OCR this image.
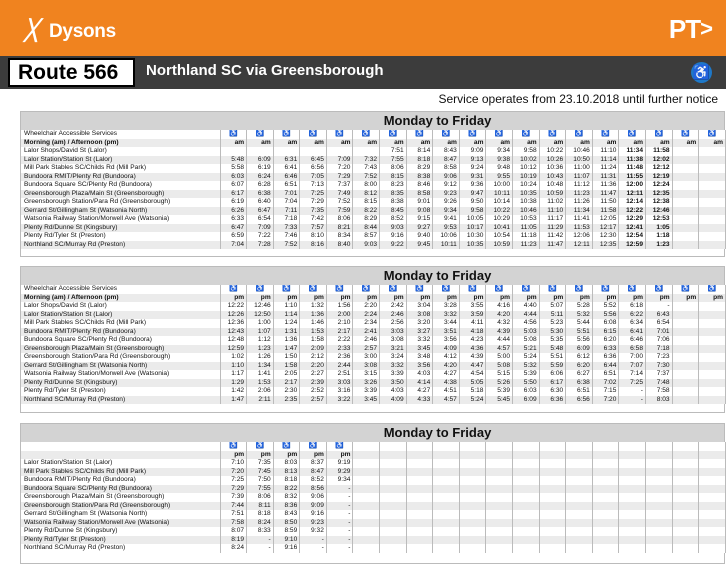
╳ Dysons	PT>
Route 566	Northland SC via Greensborough	♿
Service operates from 23.10.2018 until further notice
Monday to Friday
Wheelchair Accessible Services	♿	♿	♿	♿	♿	♿	♿	♿	♿	♿	♿	♿	♿	♿	♿	♿	♿	♿	♿
Morning (am) / Afternoon (pm)	am	am	am	am	am	am	am	am	am	am	am	am	am	am	am	am	am	am	am
Lalor Shops/David St (Lalor)							7:51	8:14	8:43	9:09	9:34	9:58	10:22	10:46	11:10	11:34	11:58		
Lalor Station/Station St (Lalor)	5:48	6:09	6:31	6:45	7:09	7:32	7:55	8:18	8:47	9:13	9:38	10:02	10:26	10:50	11:14	11:38	12:02		
Mill Park Stables SC/Childs Rd (Mill Park)	5:58	6:19	6:41	6:56	7:20	7:43	8:06	8:29	8:58	9:24	9:48	10:12	10:36	11:00	11:24	11:48	12:12		
Bundoora RMIT/Plenty Rd (Bundoora)	6:03	6:24	6:46	7:05	7:29	7:52	8:15	8:38	9:06	9:31	9:55	10:19	10:43	11:07	11:31	11:55	12:19		
Bundoora Square SC/Plenty Rd (Bundoora)	6:07	6:28	6:51	7:13	7:37	8:00	8:23	8:46	9:12	9:36	10:00	10:24	10:48	11:12	11:36	12:00	12:24		
Greensborough Plaza/Main St (Greensborough)	6:17	6:38	7:01	7:25	7:49	8:12	8:35	8:58	9:23	9:47	10:11	10:35	10:59	11:23	11:47	12:11	12:35		
Greensborough Station/Para Rd (Greensborough)	6:19	6:40	7:04	7:29	7:52	8:15	8:38	9:01	9:26	9:50	10:14	10:38	11:02	11:26	11:50	12:14	12:38		
Gerrard St/Gillingham St (Watsonia North)	6:26	6:47	7:11	7:35	7:59	8:22	8:45	9:08	9:34	9:58	10:22	10:46	11:10	11:34	11:58	12:22	12:46		
Watsonia Railway Station/Morwell Ave (Watsonia)	6:33	6:54	7:18	7:42	8:06	8:29	8:52	9:15	9:41	10:05	10:29	10:53	11:17	11:41	12:05	12:29	12:53		
Plenty Rd/Dunne St (Kingsbury)	6:47	7:09	7:33	7:57	8:21	8:44	9:03	9:27	9:53	10:17	10:41	11:05	11:29	11:53	12:17	12:41	1:05		
Plenty Rd/Tyler St (Preston)	6:59	7:22	7:46	8:10	8:34	8:57	9:16	9:40	10:06	10:30	10:54	11:18	11:42	12:06	12:30	12:54	1:18		
Northland SC/Murray Rd (Preston)	7:04	7:28	7:52	8:16	8:40	9:03	9:22	9:45	10:11	10:35	10:59	11:23	11:47	12:11	12:35	12:59	1:23		
Monday to Friday
Wheelchair Accessible Services	♿	♿	♿	♿	♿	♿	♿	♿	♿	♿	♿	♿	♿	♿	♿	♿	♿	♿	♿
Morning (am) / Afternoon (pm)	pm	pm	pm	pm	pm	pm	pm	pm	pm	pm	pm	pm	pm	pm	pm	pm	pm	pm	pm
Lalor Shops/David St (Lalor)	12:22	12:46	1:10	1:32	1:56	2:20	2:42	3:04	3:28	3:55	4:16	4:40	5:07	5:28	5:52	6:18	-		
Lalor Station/Station St (Lalor)	12:26	12:50	1:14	1:36	2:00	2:24	2:46	3:08	3:32	3:59	4:20	4:44	5:11	5:32	5:56	6:22	6:43		
Mill Park Stables SC/Childs Rd (Mill Park)	12:36	1:00	1:24	1:46	2:10	2:34	2:56	3:20	3:44	4:11	4:32	4:56	5:23	5:44	6:08	6:34	6:54		
Bundoora RMIT/Plenty Rd (Bundoora)	12:43	1:07	1:31	1:53	2:17	2:41	3:03	3:27	3:51	4:18	4:39	5:03	5:30	5:51	6:15	6:41	7:01		
Bundoora Square SC/Plenty Rd (Bundoora)	12:48	1:12	1:36	1:58	2:22	2:46	3:08	3:32	3:56	4:23	4:44	5:08	5:35	5:56	6:20	6:46	7:06		
Greensborough Plaza/Main St (Greensborough)	12:59	1:23	1:47	2:09	2:33	2:57	3:21	3:45	4:09	4:36	4:57	5:21	5:48	6:09	6:33	6:58	7:18		
Greensborough Station/Para Rd (Greensborough)	1:02	1:26	1:50	2:12	2:36	3:00	3:24	3:48	4:12	4:39	5:00	5:24	5:51	6:12	6:36	7:00	7:23		
Gerrard St/Gillingham St (Watsonia North)	1:10	1:34	1:58	2:20	2:44	3:08	3:32	3:56	4:20	4:47	5:08	5:32	5:59	6:20	6:44	7:07	7:30		
Watsonia Railway Station/Morwell Ave (Watsonia)	1:17	1:41	2:05	2:27	2:51	3:15	3:39	4:03	4:27	4:54	5:15	5:39	6:06	6:27	6:51	7:14	7:37		
Plenty Rd/Dunne St (Kingsbury)	1:29	1:53	2:17	2:39	3:03	3:26	3:50	4:14	4:38	5:05	5:26	5:50	6:17	6:38	7:02	7:25	7:48		
Plenty Rd/Tyler St (Preston)	1:42	2:06	2:30	2:52	3:16	3:39	4:03	4:27	4:51	5:18	5:39	6:03	6:30	6:51	7:15	-	7:58		
Northland SC/Murray Rd (Preston)	1:47	2:11	2:35	2:57	3:22	3:45	4:09	4:33	4:57	5:24	5:45	6:09	6:36	6:56	7:20	-	8:03		
Monday to Friday
	♿	♿	♿	♿	♿														
	pm	pm	pm	pm	pm														
Lalor Station/Station St (Lalor)	7:10	7:35	8:03	8:37	9:19														
Mill Park Stables SC/Childs Rd (Mill Park)	7:20	7:45	8:13	8:47	9:29														
Bundoora RMIT/Plenty Rd (Bundoora)	7:25	7:50	8:18	8:52	9:34														
Bundoora Square SC/Plenty Rd (Bundoora)	7:29	7:55	8:22	8:56	-														
Greensborough Plaza/Main St (Greensborough)	7:39	8:06	8:32	9:06	-														
Greensborough Station/Para Rd (Greensborough)	7:44	8:11	8:36	9:09	-														
Gerrard St/Gillingham St (Watsonia North)	7:51	8:18	8:43	9:16	-														
Watsonia Railway Station/Morwell Ave (Watsonia)	7:58	8:24	8:50	9:23	-														
Plenty Rd/Dunne St (Kingsbury)	8:07	8:33	8:59	9:32	-														
Plenty Rd/Tyler St (Preston)	8:19	-	9:10	-	-														
Northland SC/Murray Rd (Preston)	8:24	-	9:16	-	-														
